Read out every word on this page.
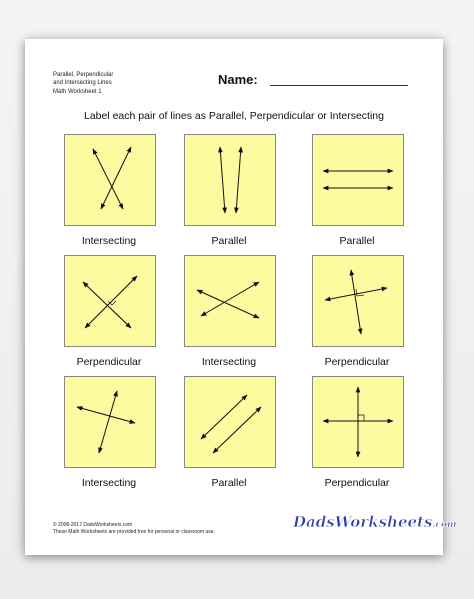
Parallel, Perpendicular
and Intersecting Lines
Math Worksheet 1
Name:
Label each pair of lines as Parallel, Perpendicular or Intersecting
Intersecting	Parallel	Parallel
Perpendicular	Intersecting	Perpendicular
Intersecting	Parallel	Perpendicular
© 2008-2017 DadsWorksheets.com
These Math Worksheets are provided free for personal or classroom use.
DadsWorksheets.com
